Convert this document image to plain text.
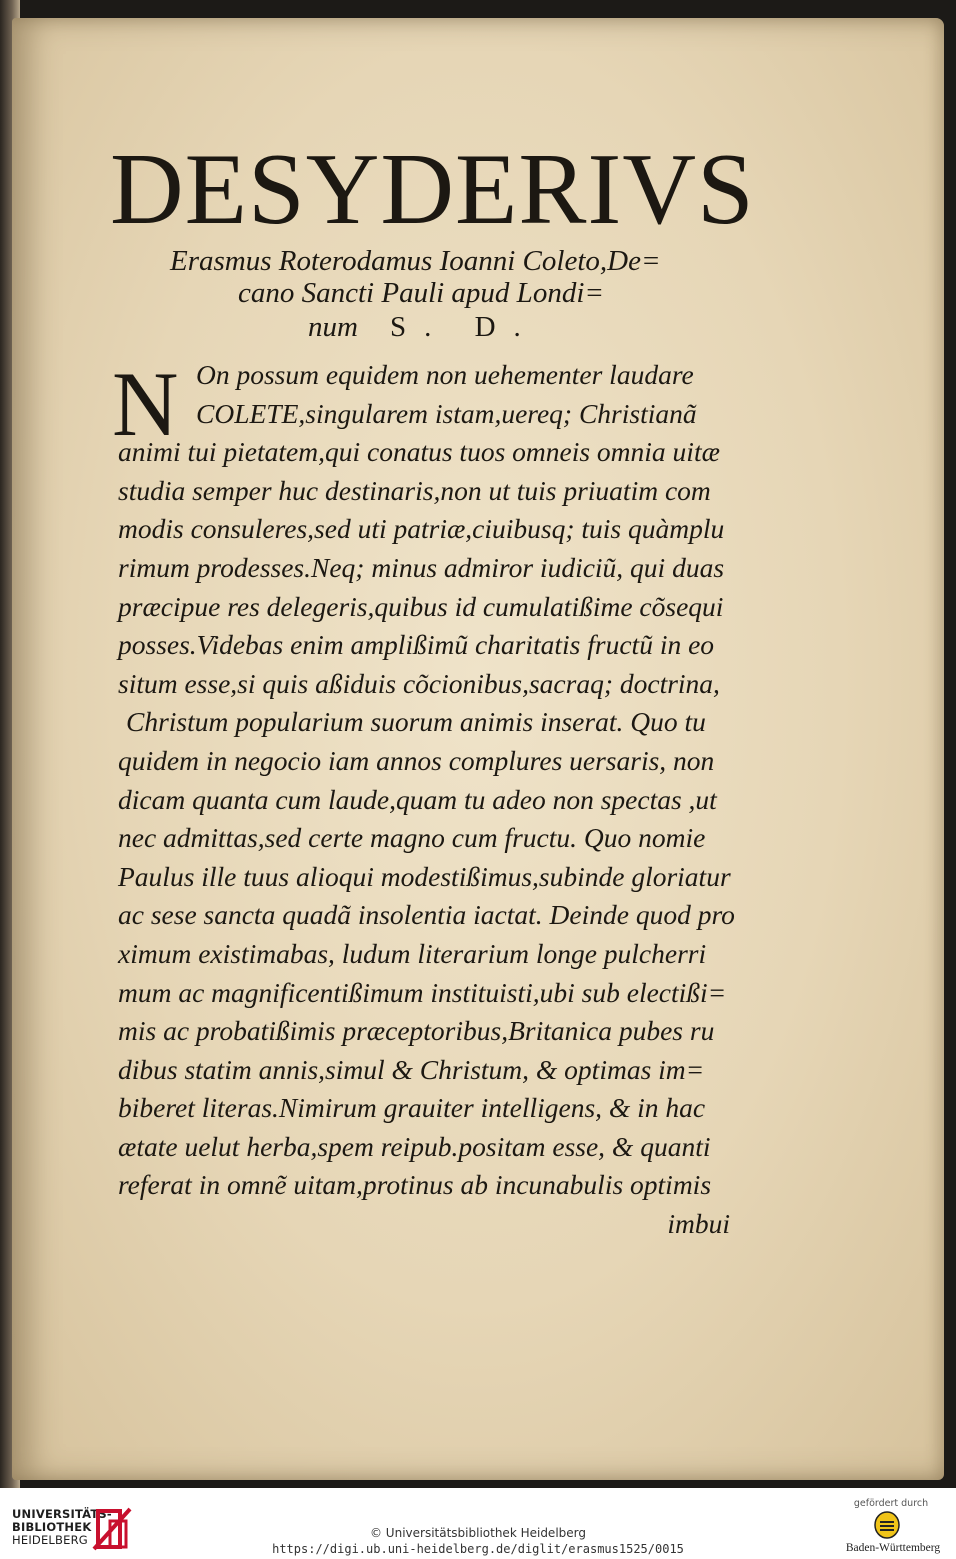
DESYDERIVS
Erasmus Roterodamus Ioanni Coleto,De=
cano Sancti Pauli apud Londi=
num S. D.
N On possum equidem non uehementer laudare
COLETE,singularem istam,uereq; Christianã
animi tui pietatem,qui conatus tuos omneis omnia uitæ
studia semper huc destinaris,non ut tuis priuatim com
modis consuleres,sed uti patriæ,ciuibusq; tuis quàmplu
rimum prodesses.Neq; minus admiror iudiciũ, qui duas
præcipue res delegeris,quibus id cumulatißime cõsequi
posses.Videbas enim amplißimũ charitatis fructũ in eo
situm esse,si quis aßiduis cõcionibus,sacraq; doctrina,
Christum popularium suorum animis inserat. Quo tu
quidem in negocio iam annos complures uersaris, non
dicam quanta cum laude,quam tu adeo non spectas ,ut
nec admittas,sed certe magno cum fructu. Quo nomie
Paulus ille tuus alioqui modestißimus,subinde gloriatur
ac sese sancta quadã insolentia iactat. Deinde quod pro
ximum existimabas, ludum literarium longe pulcherri
mum ac magnificentißimum instituisti,ubi sub electißi=
mis ac probatißimis præceptoribus,Britanica pubes ru
dibus statim annis,simul & Christum, & optimas im=
biberet literas.Nimirum grauiter intelligens, & in hac
ætate uelut herba,spem reipub.positam esse, & quanti
referat in omnẽ uitam,protinus ab incunabulis optimis
imbui
UNIVERSITÄTS-
BIBLIOTHEK
HEIDELBERG	© Universitätsbibliothek Heidelberg
https://digi.ub.uni-heidelberg.de/diglit/erasmus1525/0015
gefördert durch
Baden-Württemberg
